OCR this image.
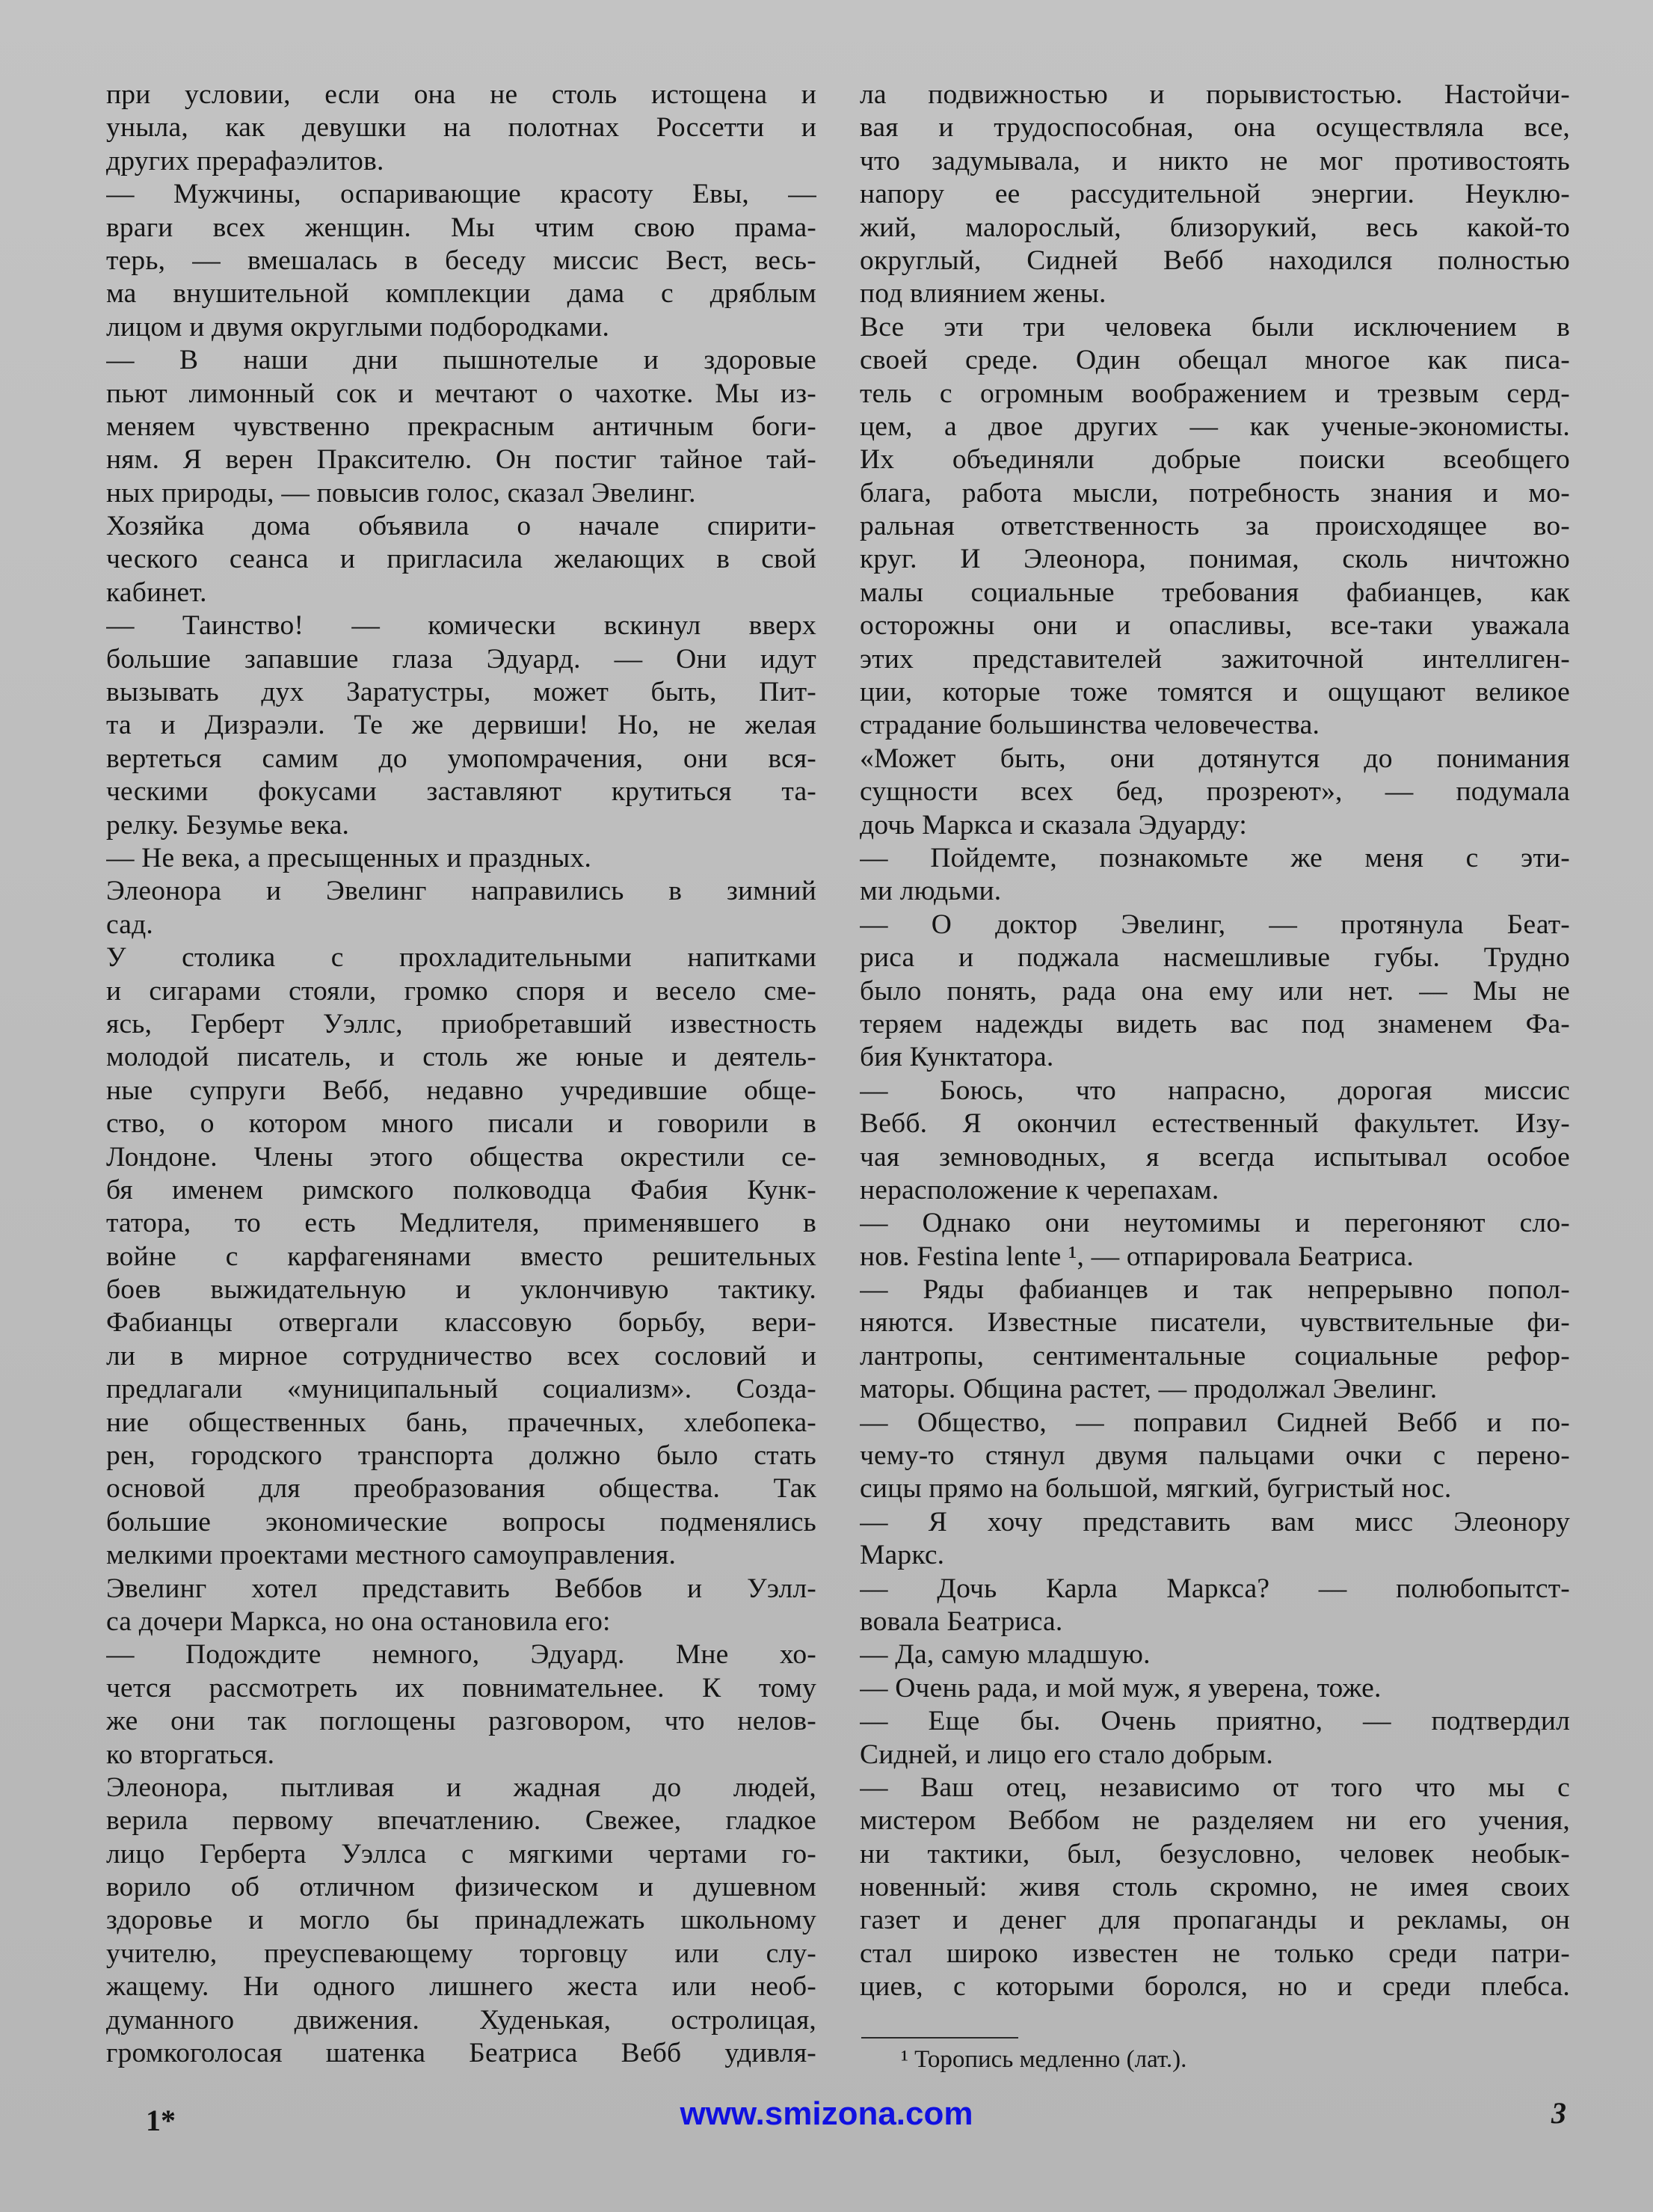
при условии, если она не столь истощена и
уныла, как девушки на полотнах Россетти и
других прерафаэлитов.
— Мужчины, оспаривающие красоту Евы, —
враги всех женщин. Мы чтим свою прама-
терь, — вмешалась в беседу миссис Вест, весь-
ма внушительной комплекции дама с дряблым
лицом и двумя округлыми подбородками.
— В наши дни пышнотелые и здоровые
пьют лимонный сок и мечтают о чахотке. Мы из-
меняем чувственно прекрасным античным боги-
ням. Я верен Праксителю. Он постиг тайное тай-
ных природы, — повысив голос, сказал Эвелинг.
Хозяйка дома объявила о начале спирити-
ческого сеанса и пригласила желающих в свой
кабинет.
— Таинство! — комически вскинул вверх
большие запавшие глаза Эдуард. — Они идут
вызывать дух Заратустры, может быть, Пит-
та и Дизраэли. Те же дервиши! Но, не желая
вертеться самим до умопомрачения, они вся-
ческими фокусами заставляют крутиться та-
релку. Безумье века.
— Не века, а пресыщенных и праздных.
Элеонора и Эвелинг направились в зимний
сад.
У столика с прохладительными напитками
и сигарами стояли, громко споря и весело сме-
ясь, Герберт Уэллс, приобретавший известность
молодой писатель, и столь же юные и деятель-
ные супруги Вебб, недавно учредившие обще-
ство, о котором много писали и говорили в
Лондоне. Члены этого общества окрестили се-
бя именем римского полководца Фабия Кунк-
татора, то есть Медлителя, применявшего в
войне с карфагенянами вместо решительных
боев выжидательную и уклончивую тактику.
Фабианцы отвергали классовую борьбу, вери-
ли в мирное сотрудничество всех сословий и
предлагали «муниципальный социализм». Созда-
ние общественных бань, прачечных, хлебопека-
рен, городского транспорта должно было стать
основой для преобразования общества. Так
большие экономические вопросы подменялись
мелкими проектами местного самоуправления.
Эвелинг хотел представить Веббов и Уэлл-
са дочери Маркса, но она остановила его:
— Подождите немного, Эдуард. Мне хо-
чется рассмотреть их повнимательнее. К тому
же они так поглощены разговором, что нелов-
ко вторгаться.
Элеонора, пытливая и жадная до людей,
верила первому впечатлению. Свежее, гладкое
лицо Герберта Уэллса с мягкими чертами го-
ворило об отличном физическом и душевном
здоровье и могло бы принадлежать школьному
учителю, преуспевающему торговцу или слу-
жащему. Ни одного лишнего жеста или необ-
думанного движения. Худенькая, остролицая,
громкоголосая шатенка Беатриса Вебб удивля-
ла подвижностью и порывистостью. Настойчи-
вая и трудоспособная, она осуществляла все,
что задумывала, и никто не мог противостоять
напору ее рассудительной энергии. Неуклю-
жий, малорослый, близорукий, весь какой-то
округлый, Сидней Вебб находился полностью
под влиянием жены.
Все эти три человека были исключением в
своей среде. Один обещал многое как писа-
тель с огромным воображением и трезвым серд-
цем, а двое других — как ученые-экономисты.
Их объединяли добрые поиски всеобщего
блага, работа мысли, потребность знания и мо-
ральная ответственность за происходящее во-
круг. И Элеонора, понимая, сколь ничтожно
малы социальные требования фабианцев, как
осторожны они и опасливы, все-таки уважала
этих представителей зажиточной интеллиген-
ции, которые тоже томятся и ощущают великое
страдание большинства человечества.
«Может быть, они дотянутся до понимания
сущности всех бед, прозреют», — подумала
дочь Маркса и сказала Эдуарду:
— Пойдемте, познакомьте же меня с эти-
ми людьми.
— О доктор Эвелинг, — протянула Беат-
риса и поджала насмешливые губы. Трудно
было понять, рада она ему или нет. — Мы не
теряем надежды видеть вас под знаменем Фа-
бия Кунктатора.
— Боюсь, что напрасно, дорогая миссис
Вебб. Я окончил естественный факультет. Изу-
чая земноводных, я всегда испытывал особое
нерасположение к черепахам.
— Однако они неутомимы и перегоняют сло-
нов. Festina lente ¹, — отпарировала Беатриса.
— Ряды фабианцев и так непрерывно попол-
няются. Известные писатели, чувствительные фи-
лантропы, сентиментальные социальные рефор-
маторы. Община растет, — продолжал Эвелинг.
— Общество, — поправил Сидней Вебб и по-
чему-то стянул двумя пальцами очки с перено-
сицы прямо на большой, мягкий, бугристый нос.
— Я хочу представить вам мисс Элеонору
Маркс.
— Дочь Карла Маркса? — полюбопытст-
вовала Беатриса.
— Да, самую младшую.
— Очень рада, и мой муж, я уверена, тоже.
— Еще бы. Очень приятно, — подтвердил
Сидней, и лицо его стало добрым.
— Ваш отец, независимо от того что мы с
мистером Веббом не разделяем ни его учения,
ни тактики, был, безусловно, человек необык-
новенный: живя столь скромно, не имея своих
газет и денег для пропаганды и рекламы, он
стал широко известен не только среди патри-
циев, с которыми боролся, но и среди плебса.
¹ Торопись медленно (лат.).
1*	www.smizona.com	3
